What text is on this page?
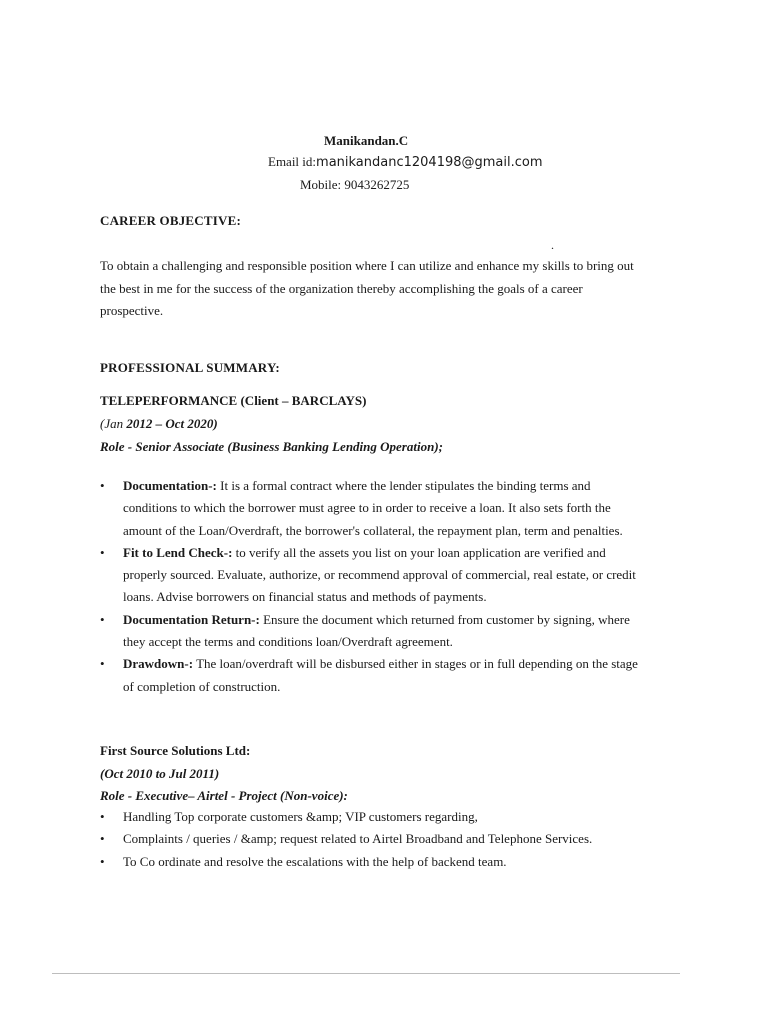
Manikandan.C
Email id:manikandanc1204198@gmail.com
Mobile: 9043262725
CAREER OBJECTIVE:
.
To obtain a challenging and responsible position where I can utilize and enhance my skills to bring out the best in me for the success of the organization thereby accomplishing the goals of a career prospective.
PROFESSIONAL SUMMARY:
TELEPERFORMANCE (Client – BARCLAYS)
(Jan 2012 – Oct 2020)
Role - Senior Associate (Business Banking Lending Operation);
• Documentation-: It is a formal contract where the lender stipulates the binding terms and conditions to which the borrower must agree to in order to receive a loan. It also sets forth the amount of the Loan/Overdraft, the borrower's collateral, the repayment plan, term and penalties.
• Fit to Lend Check-: to verify all the assets you list on your loan application are verified and properly sourced. Evaluate, authorize, or recommend approval of commercial, real estate, or credit loans. Advise borrowers on financial status and methods of payments.
• Documentation Return-: Ensure the document which returned from customer by signing, where they accept the terms and conditions loan/Overdraft agreement.
• Drawdown-: The loan/overdraft will be disbursed either in stages or in full depending on the stage of completion of construction.
First Source Solutions Ltd:
(Oct 2010 to Jul 2011)
Role - Executive– Airtel - Project (Non-voice):
• Handling Top corporate customers &amp; VIP customers regarding,
• Complaints / queries / &amp; request related to Airtel Broadband and Telephone Services.
• To Co ordinate and resolve the escalations with the help of backend team.
